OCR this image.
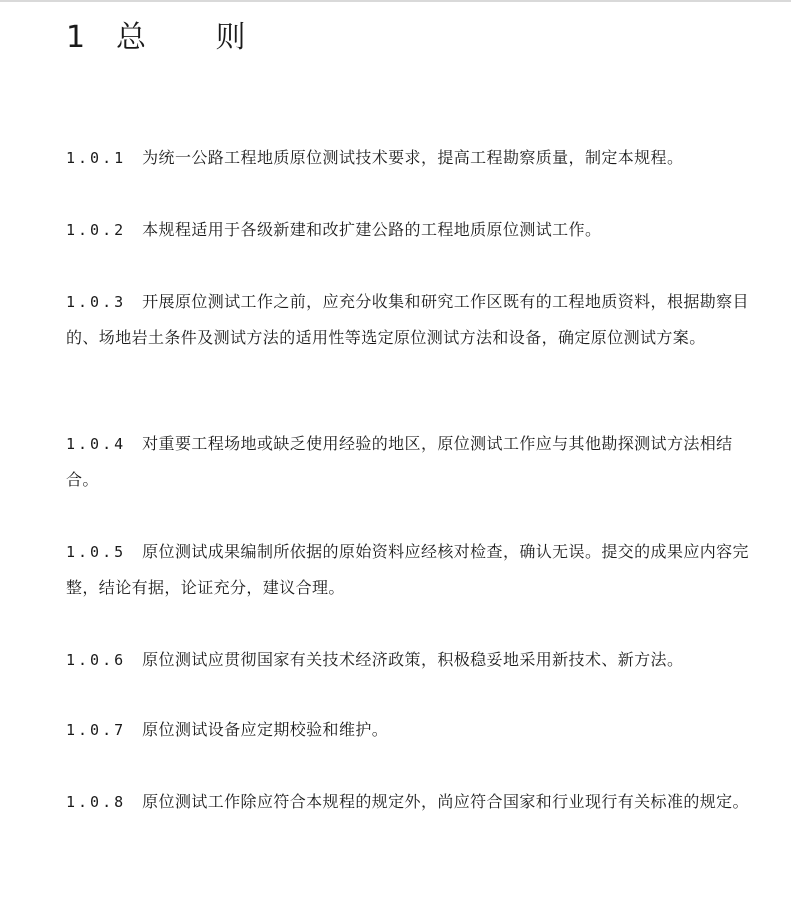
1 总 则
1.0.1 为统一公路工程地质原位测试技术要求，提高工程勘察质量，制定本规程。
1.0.2 本规程适用于各级新建和改扩建公路的工程地质原位测试工作。
1.0.3 开展原位测试工作之前，应充分收集和研究工作区既有的工程地质资料，根据勘察目的、场地岩土条件及测试方法的适用性等选定原位测试方法和设备，确定原位测试方案。
1.0.4 对重要工程场地或缺乏使用经验的地区，原位测试工作应与其他勘探测试方法相结合。
1.0.5 原位测试成果编制所依据的原始资料应经核对检查，确认无误。提交的成果应内容完整，结论有据，论证充分，建议合理。
1.0.6 原位测试应贯彻国家有关技术经济政策，积极稳妥地采用新技术、新方法。
1.0.7 原位测试设备应定期校验和维护。
1.0.8 原位测试工作除应符合本规程的规定外，尚应符合国家和行业现行有关标准的规定。
